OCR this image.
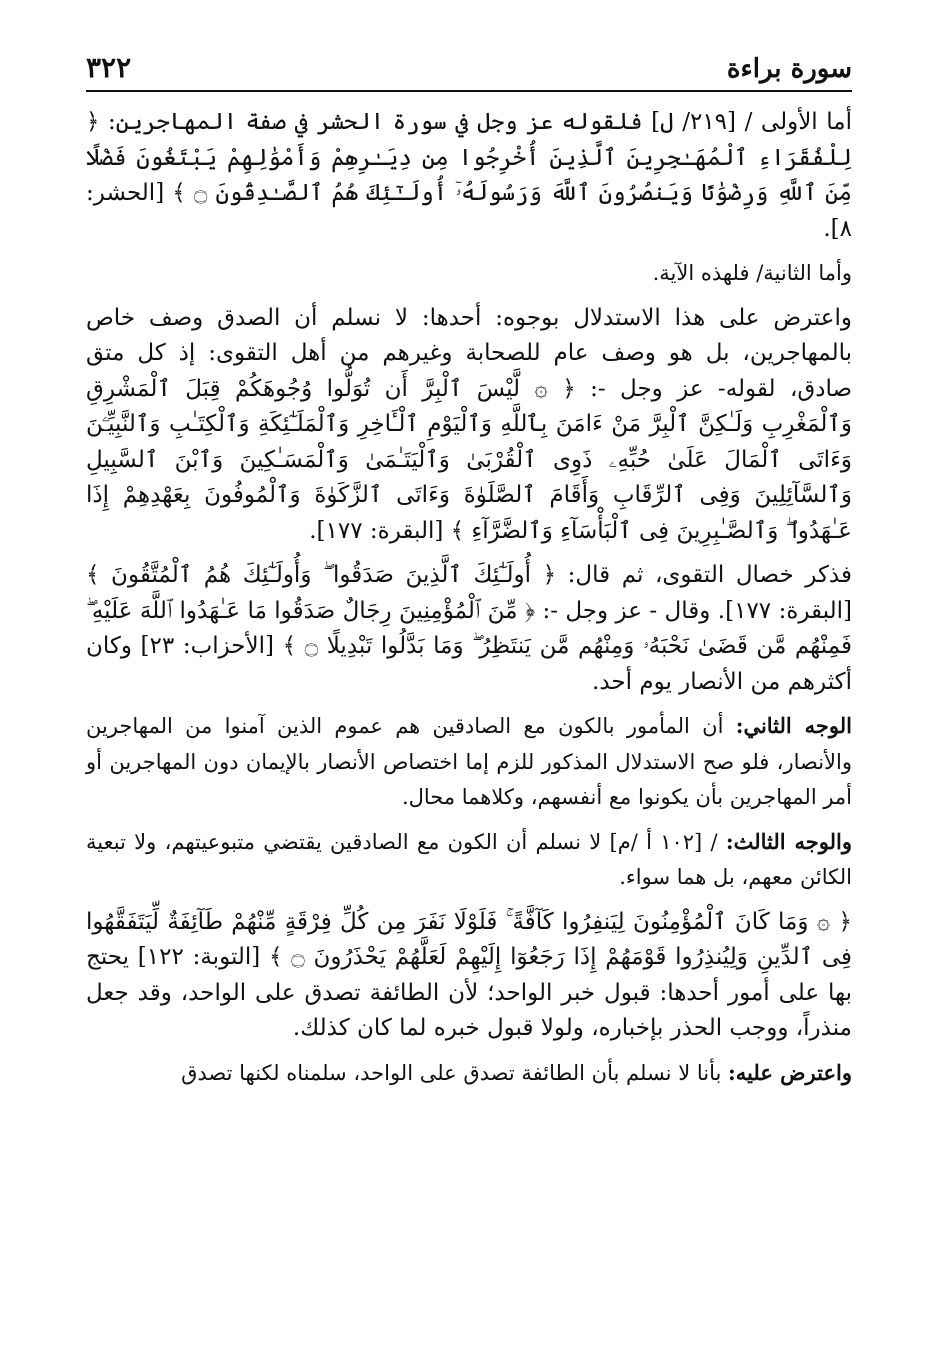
سورة براءة
٣٢٢

أما الأولى / [٢١٩/ ل] فلقوله عز وجل في سورة الحشر في صفة المهاجرين: ﴿ لِلْفُقَرَاءِ ٱلْمُهَـٰجِرِينَ ٱلَّذِينَ أُخْرِجُوا مِن دِيَـٰرِهِمْ وَأَمْوَٰلِهِمْ يَبْتَغُونَ فَضْلًا مِّنَ ٱللَّهِ وَرِضْوَٰنًا وَيَنصُرُونَ ٱللَّهَ وَرَسُولَهُۥٓ أُولَـٰٓئِكَ هُمُ ٱلصَّـٰدِقُونَ ۝ ﴾ [الحشر: ٨].

وأما الثانية/ فلهذه الآية.

واعترض على هذا الاستدلال بوجوه: أحدها: لا نسلم أن الصدق وصف خاص بالمهاجرين، بل هو وصف عام للصحابة وغيرهم من أهل التقوى: إذ كل متق صادق، لقوله- عز وجل -: ﴿ ۞ لَّيْسَ ٱلْبِرَّ أَن تُوَلُّوا وُجُوهَكُمْ قِبَلَ ٱلْمَشْرِقِ وَٱلْمَغْرِبِ وَلَـٰكِنَّ ٱلْبِرَّ مَنْ ءَامَنَ بِٱللَّهِ وَٱلْيَوْمِ ٱلْـَٔاخِرِ وَٱلْمَلَـٰٓئِكَةِ وَٱلْكِتَـٰبِ وَٱلنَّبِيِّـۧنَ وَءَاتَى ٱلْمَالَ عَلَىٰ حُبِّهِۦ ذَوِى ٱلْقُرْبَىٰ وَٱلْيَتَـٰمَىٰ وَٱلْمَسَـٰكِينَ وَٱبْنَ ٱلسَّبِيلِ وَٱلسَّآئِلِينَ وَفِى ٱلرِّقَابِ وَأَقَامَ ٱلصَّلَوٰةَ وَءَاتَى ٱلزَّكَوٰةَ وَٱلْمُوفُونَ بِعَهْدِهِمْ إِذَا عَـٰهَدُوا ۖ وَٱلصَّـٰبِرِينَ فِى ٱلْبَأْسَآءِ وَٱلضَّرَّآءِ ﴾ [البقرة: ١٧٧].

فذكر خصال التقوى، ثم قال: ﴿ أُولَـٰٓئِكَ ٱلَّذِينَ صَدَقُوا ۖ وَأُولَـٰٓئِكَ هُمُ ٱلْمُتَّقُونَ ﴾ [البقرة: ١٧٧]. وقال - عز وجل -: ﴿ مِّنَ ٱلْمُؤْمِنِينَ رِجَالٌ صَدَقُوا مَا عَـٰهَدُوا ٱللَّهَ عَلَيْهِ ۖ فَمِنْهُم مَّن قَضَىٰ نَحْبَهُۥ وَمِنْهُم مَّن يَنتَظِرُ ۖ وَمَا بَدَّلُوا تَبْدِيلًا ۝ ﴾ [الأحزاب: ٢٣] وكان أكثرهم من الأنصار يوم أحد.

الوجه الثاني: أن المأمور بالكون مع الصادقين هم عموم الذين آمنوا من المهاجرين والأنصار، فلو صح الاستدلال المذكور للزم إما اختصاص الأنصار بالإيمان دون المهاجرين أو أمر المهاجرين بأن يكونوا مع أنفسهم، وكلاهما محال.

والوجه الثالث: / [١٠٢ أ /م] لا نسلم أن الكون مع الصادقين يقتضي متبوعيتهم، ولا تبعية الكائن معهم، بل هما سواء.

﴿ ۞ وَمَا كَانَ ٱلْمُؤْمِنُونَ لِيَنفِرُوا كَآفَّةً ۚ فَلَوْلَا نَفَرَ مِن كُلِّ فِرْقَةٍ مِّنْهُمْ طَآئِفَةٌ لِّيَتَفَقَّهُوا فِى ٱلدِّينِ وَلِيُنذِرُوا قَوْمَهُمْ إِذَا رَجَعُوٓا إِلَيْهِمْ لَعَلَّهُمْ يَحْذَرُونَ ۝ ﴾ [التوبة: ١٢٢] يحتج بها على أمور أحدها: قبول خبر الواحد؛ لأن الطائفة تصدق على الواحد، وقد جعل منذراً، ووجب الحذر بإخباره، ولولا قبول خبره لما كان كذلك.

واعترض عليه: بأنا لا نسلم بأن الطائفة تصدق على الواحد، سلمناه لكنها تصدق
